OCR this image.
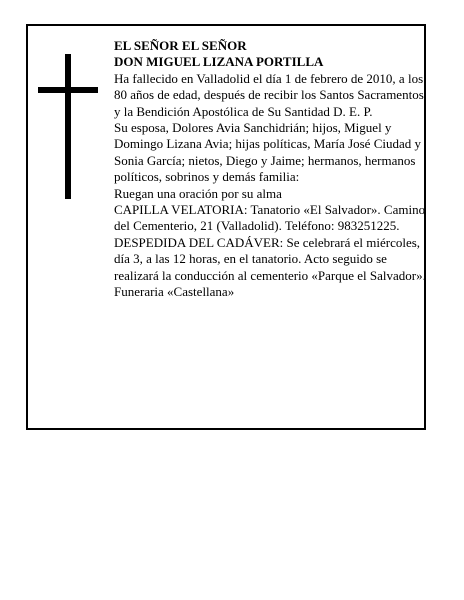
EL SEÑOR EL SEÑOR

DON MIGUEL LIZANA PORTILLA

Ha fallecido en Valladolid el día 1 de febrero de 2010, a los 80 años de edad, después de recibir los Santos Sacramentos y la Bendición Apostólica de Su Santidad D. E. P.

Su esposa, Dolores Avia Sanchidrián; hijos, Miguel y Domingo Lizana Avia; hijas políticas, María José Ciudad y Sonia García; nietos, Diego y Jaime; hermanos, hermanos políticos, sobrinos y demás familia:

Ruegan una oración por su alma

CAPILLA VELATORIA: Tanatorio «El Salvador». Camino del Cementerio, 21 (Valladolid). Teléfono: 983251225.

DESPEDIDA DEL CADÁVER: Se celebrará el miércoles, día 3, a las 12 horas, en el tanatorio. Acto seguido se realizará la conducción al cementerio «Parque el Salvador».

Funeraria «Castellana»
